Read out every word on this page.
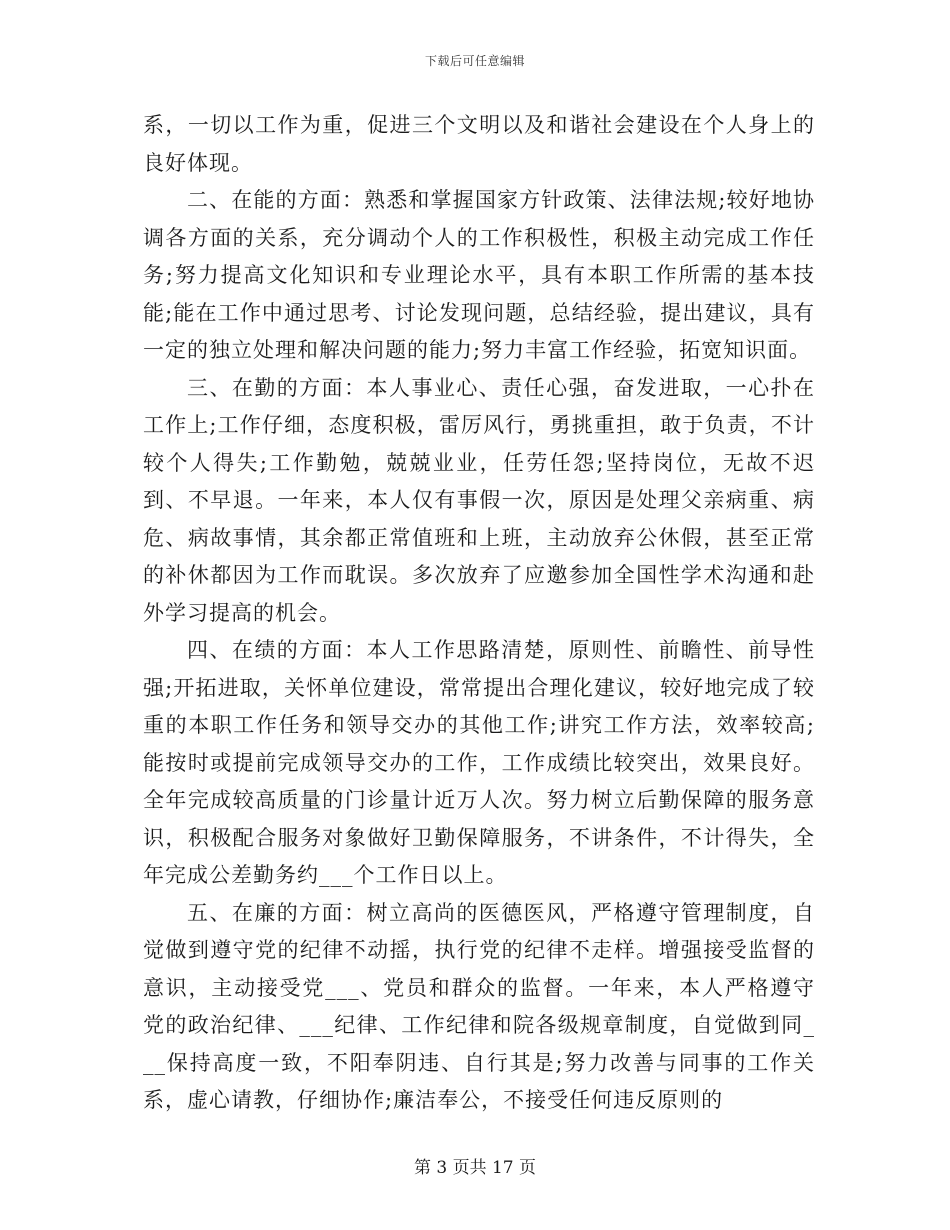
下载后可任意编辑

系，一切以工作为重，促进三个文明以及和谐社会建设在个人身上的良好体现。

二、在能的方面：熟悉和掌握国家方针政策、法律法规;较好地协调各方面的关系，充分调动个人的工作积极性，积极主动完成工作任务;努力提高文化知识和专业理论水平，具有本职工作所需的基本技能;能在工作中通过思考、讨论发现问题，总结经验，提出建议，具有一定的独立处理和解决问题的能力;努力丰富工作经验，拓宽知识面。

三、在勤的方面：本人事业心、责任心强，奋发进取，一心扑在工作上;工作仔细，态度积极，雷厉风行，勇挑重担，敢于负责，不计较个人得失;工作勤勉，兢兢业业，任劳任怨;坚持岗位，无故不迟到、不早退。一年来，本人仅有事假一次，原因是处理父亲病重、病危、病故事情，其余都正常值班和上班，主动放弃公休假，甚至正常的补休都因为工作而耽误。多次放弃了应邀参加全国性学术沟通和赴外学习提高的机会。

四、在绩的方面：本人工作思路清楚，原则性、前瞻性、前导性强;开拓进取，关怀单位建设，常常提出合理化建议，较好地完成了较重的本职工作任务和领导交办的其他工作;讲究工作方法，效率较高;能按时或提前完成领导交办的工作，工作成绩比较突出，效果良好。全年完成较高质量的门诊量计近万人次。努力树立后勤保障的服务意识，积极配合服务对象做好卫勤保障服务，不讲条件，不计得失，全年完成公差勤务约___个工作日以上。

五、在廉的方面：树立高尚的医德医风，严格遵守管理制度，自觉做到遵守党的纪律不动摇，执行党的纪律不走样。增强接受监督的意识，主动接受党___、党员和群众的监督。一年来，本人严格遵守党的政治纪律、___纪律、工作纪律和院各级规章制度，自觉做到同___保持高度一致，不阳奉阴违、自行其是;努力改善与同事的工作关系，虚心请教，仔细协作;廉洁奉公，不接受任何违反原则的

第 3 页共 17 页
